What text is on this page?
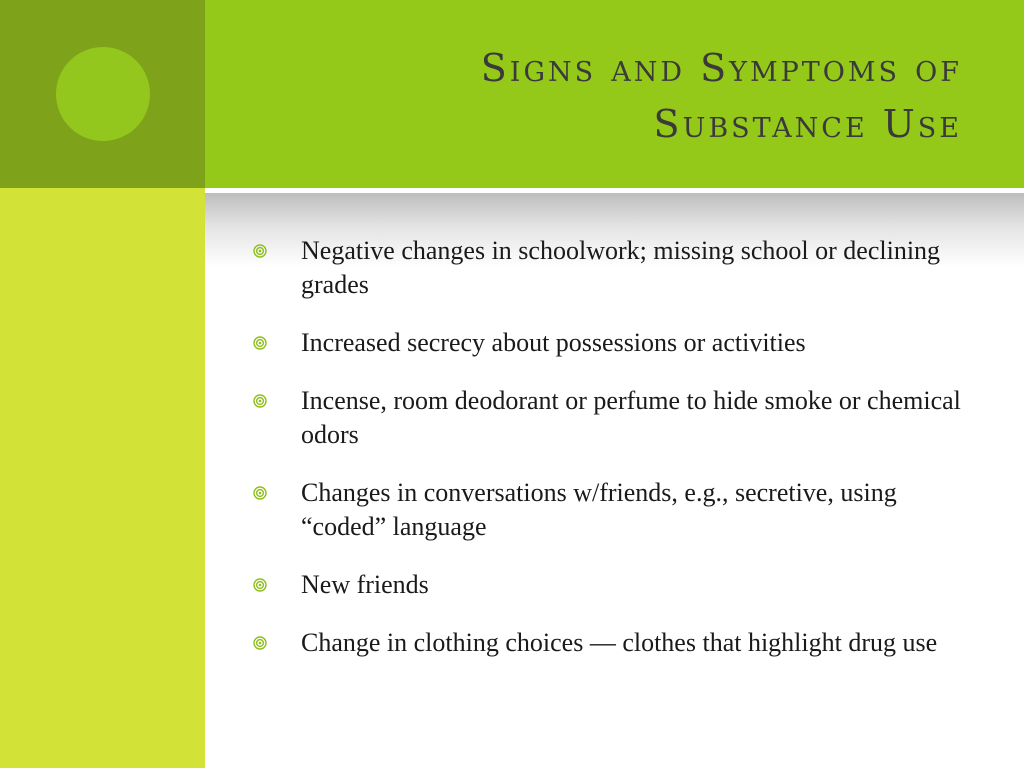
Signs and Symptoms of
Substance Use
Negative changes in schoolwork; missing school or declining grades
Increased secrecy about possessions or activities
Incense, room deodorant or perfume to hide smoke or chemical odors
Changes in conversations w/friends, e.g., secretive, using “coded” language
New friends
Change in clothing choices — clothes that highlight drug use
